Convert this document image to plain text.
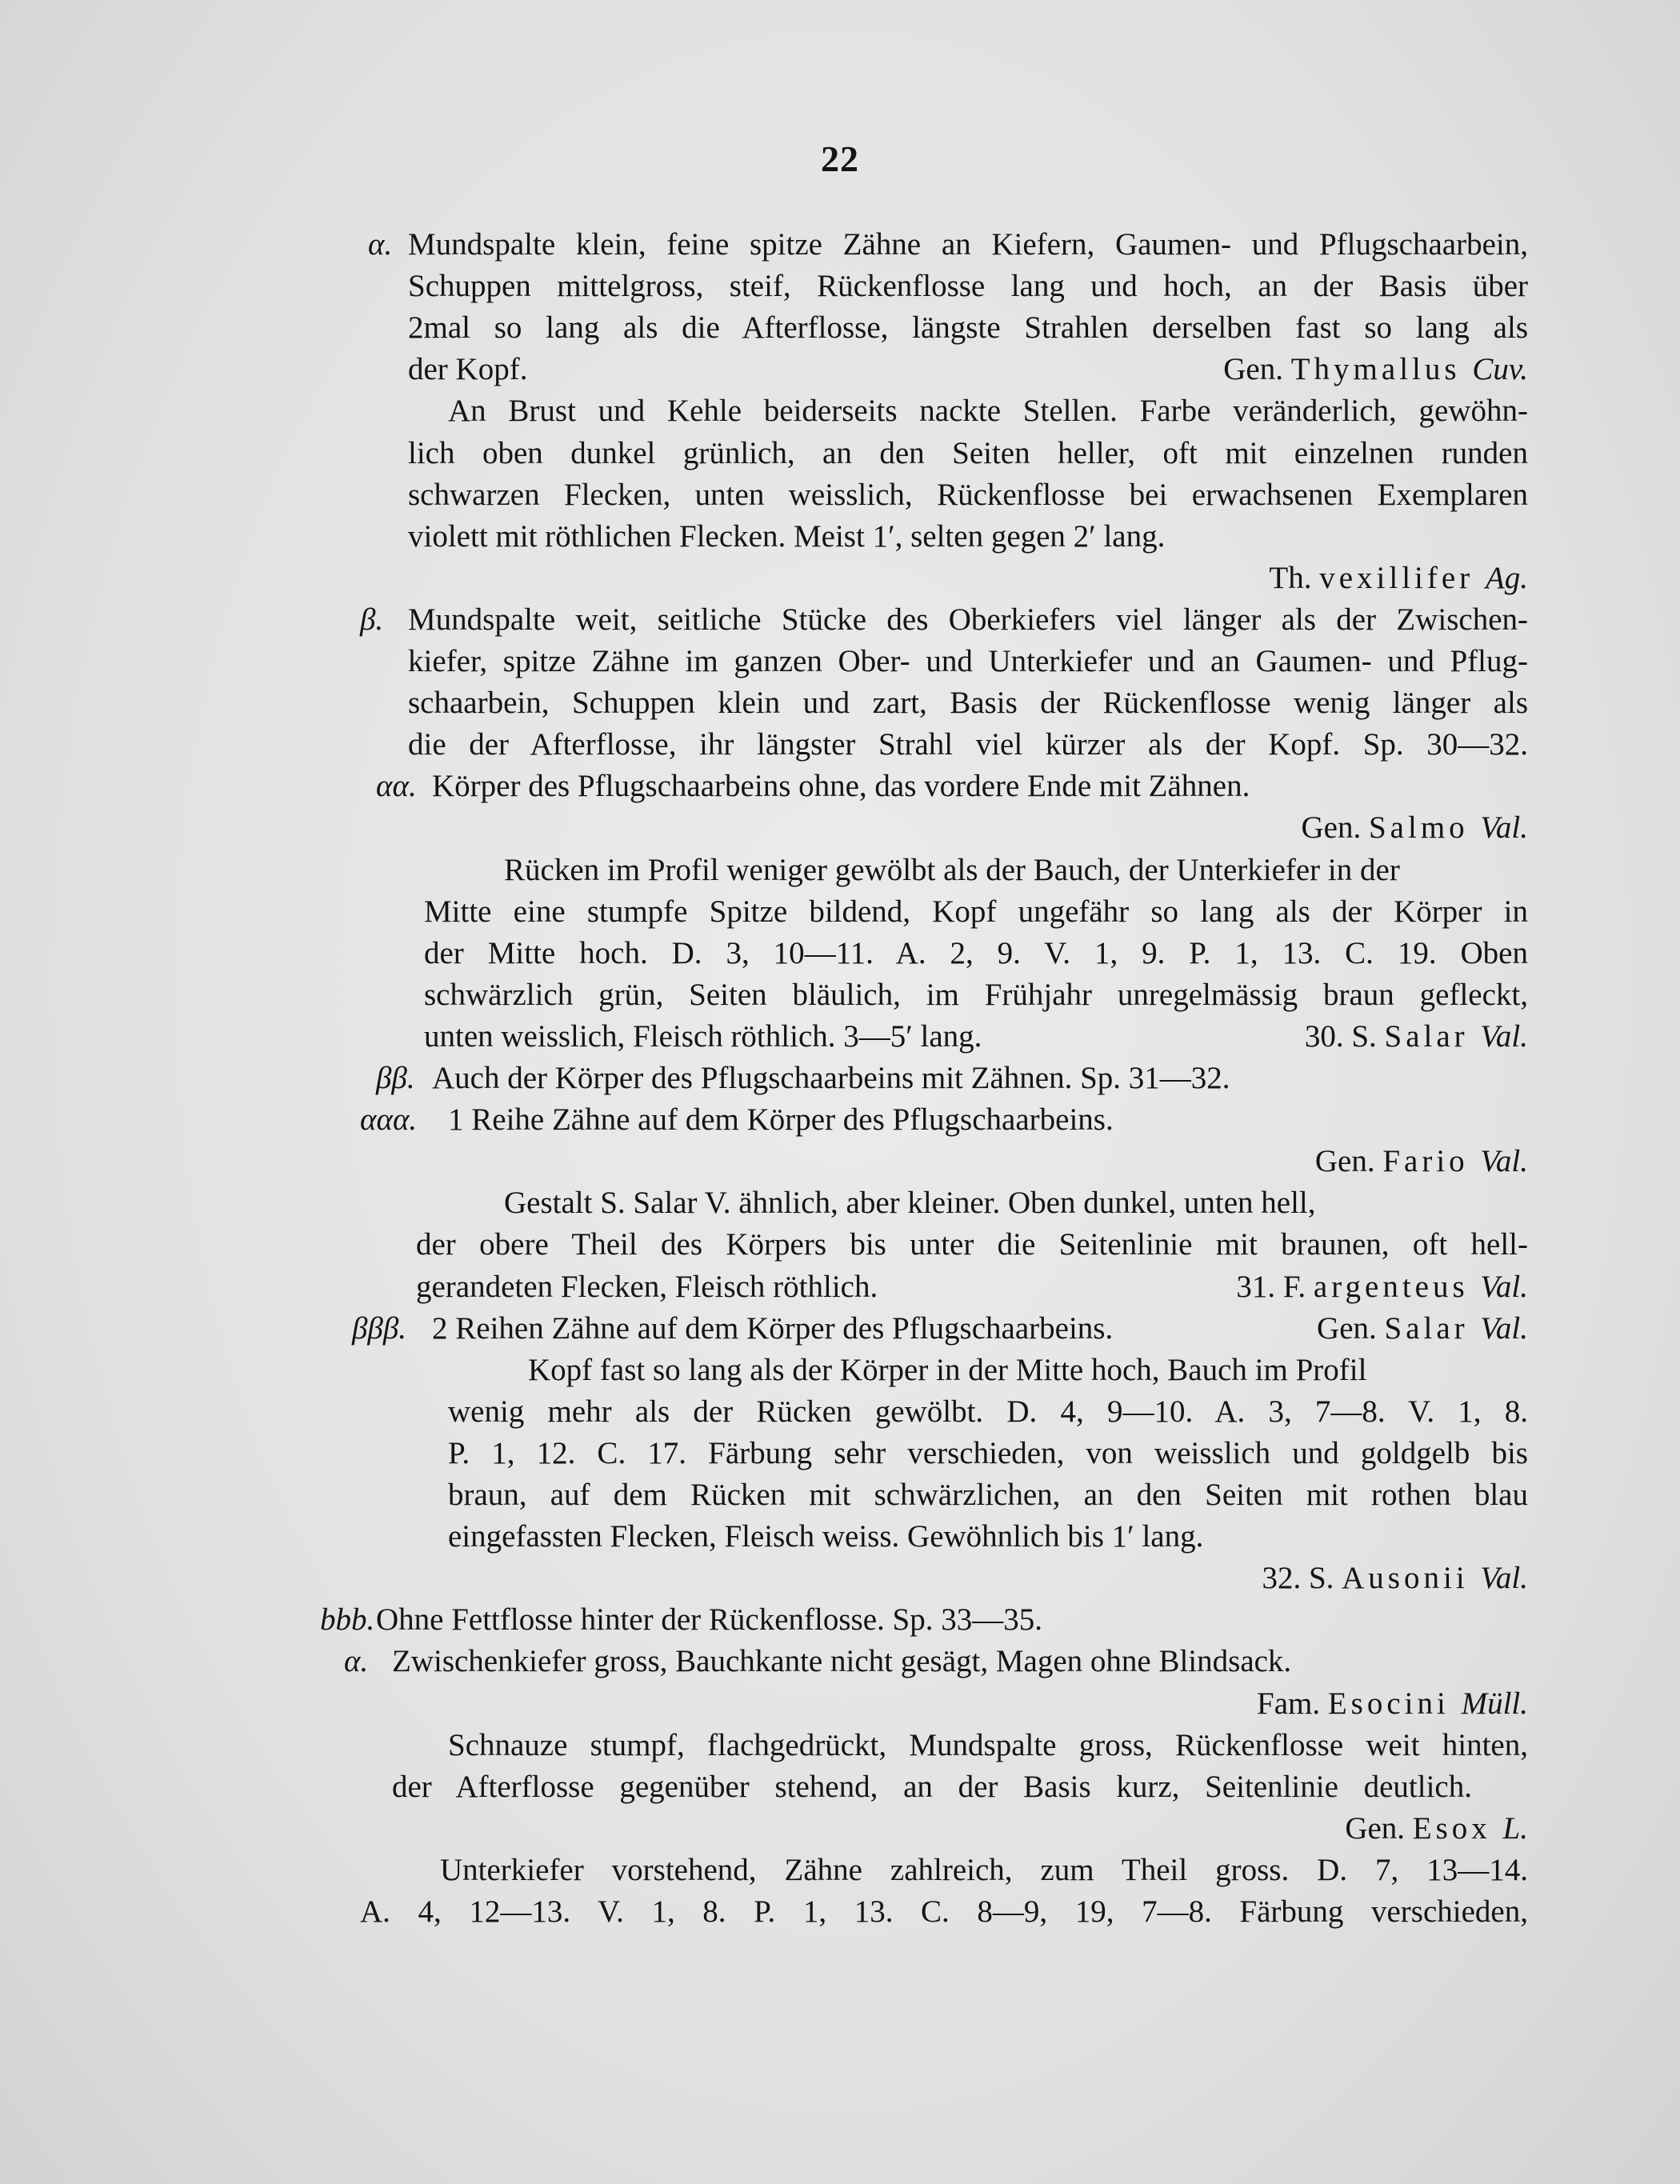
22
α. Mundspalte klein, feine spitze Zähne an Kiefern, Gaumen- und Pflugschaarbein,
Schuppen mittelgross, steif, Rückenflosse lang und hoch, an der Basis über
2mal so lang als die Afterflosse, längste Strahlen derselben fast so lang als
der Kopf.	Gen. Thymallus Cuv.
An Brust und Kehle beiderseits nackte Stellen. Farbe veränderlich, gewöhn-
lich oben dunkel grünlich, an den Seiten heller, oft mit einzelnen runden
schwarzen Flecken, unten weisslich, Rückenflosse bei erwachsenen Exemplaren
violett mit röthlichen Flecken. Meist 1′, selten gegen 2′ lang.
Th. vexillifer Ag.
β. Mundspalte weit, seitliche Stücke des Oberkiefers viel länger als der Zwischen-
kiefer, spitze Zähne im ganzen Ober- und Unterkiefer und an Gaumen- und Pflug-
schaarbein, Schuppen klein und zart, Basis der Rückenflosse wenig länger als
die der Afterflosse, ihr längster Strahl viel kürzer als der Kopf. Sp. 30—32.
αα. Körper des Pflugschaarbeins ohne, das vordere Ende mit Zähnen.
Gen. Salmo Val.
Rücken im Profil weniger gewölbt als der Bauch, der Unterkiefer in der
Mitte eine stumpfe Spitze bildend, Kopf ungefähr so lang als der Körper in
der Mitte hoch. D. 3, 10—11. A. 2, 9. V. 1, 9. P. 1, 13. C. 19. Oben
schwärzlich grün, Seiten bläulich, im Frühjahr unregelmässig braun gefleckt,
unten weisslich, Fleisch röthlich. 3—5′ lang.	30. S. Salar Val.
ββ. Auch der Körper des Pflugschaarbeins mit Zähnen. Sp. 31—32.
ααα. 1 Reihe Zähne auf dem Körper des Pflugschaarbeins.
Gen. Fario Val.
Gestalt S. Salar V. ähnlich, aber kleiner. Oben dunkel, unten hell,
der obere Theil des Körpers bis unter die Seitenlinie mit braunen, oft hell-
gerandeten Flecken, Fleisch röthlich.	31. F. argenteus Val.
βββ. 2 Reihen Zähne auf dem Körper des Pflugschaarbeins.	Gen. Salar Val.
Kopf fast so lang als der Körper in der Mitte hoch, Bauch im Profil
wenig mehr als der Rücken gewölbt. D. 4, 9—10. A. 3, 7—8. V. 1, 8.
P. 1, 12. C. 17. Färbung sehr verschieden, von weisslich und goldgelb bis
braun, auf dem Rücken mit schwärzlichen, an den Seiten mit rothen blau
eingefassten Flecken, Fleisch weiss. Gewöhnlich bis 1′ lang.
32. S. Ausonii Val.
bbb. Ohne Fettflosse hinter der Rückenflosse. Sp. 33—35.
α. Zwischenkiefer gross, Bauchkante nicht gesägt, Magen ohne Blindsack.
Fam. Esocini Müll.
Schnauze stumpf, flachgedrückt, Mundspalte gross, Rückenflosse weit hinten,
der Afterflosse gegenüber stehend, an der Basis kurz, Seitenlinie deutlich.
Gen. Esox L.
Unterkiefer vorstehend, Zähne zahlreich, zum Theil gross. D. 7, 13—14.
A. 4, 12—13. V. 1, 8. P. 1, 13. C. 8—9, 19, 7—8. Färbung verschieden,
